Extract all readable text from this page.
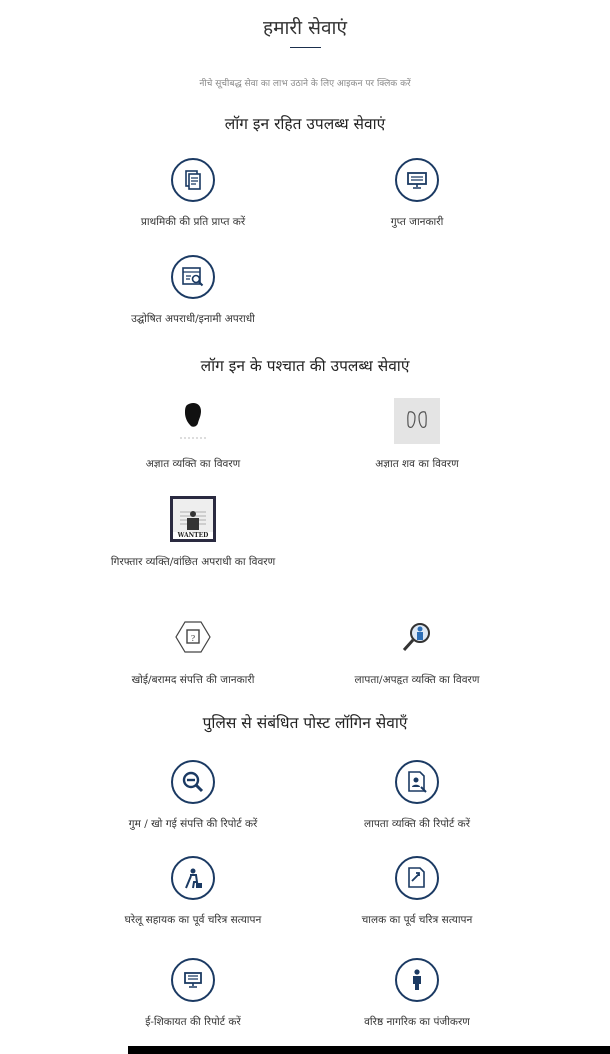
हमारी सेवाएं
नीचे सूचीबद्ध सेवा का लाभ उठाने के लिए आइकन पर क्लिक करें
लॉग इन रहित उपलब्ध सेवाएं
प्राथमिकी की प्रति प्राप्त करें	गुप्त जानकारी
उद्घोषित अपराधी/इनामी अपराधी
लॉग इन के पश्चात की उपलब्ध सेवाएं
अज्ञात व्यक्ति का विवरण	अज्ञात शव का विवरण
WANTED
गिरफ्तार व्यक्ति/वांछित अपराधी का विवरण
?
खोई/बरामद संपत्ति की जानकारी	लापता/अपहृत व्यक्ति का विवरण
पुलिस से संबंधित पोस्ट लॉगिन सेवाएँ
गुम / खो गई संपत्ति की रिपोर्ट करें	लापता व्यक्ति की रिपोर्ट करें
घरेलू सहायक का पूर्व चरित्र सत्यापन	चालक का पूर्व चरित्र सत्यापन
ई-शिकायत की रिपोर्ट करें	वरिष्ठ नागरिक का पंजीकरण
